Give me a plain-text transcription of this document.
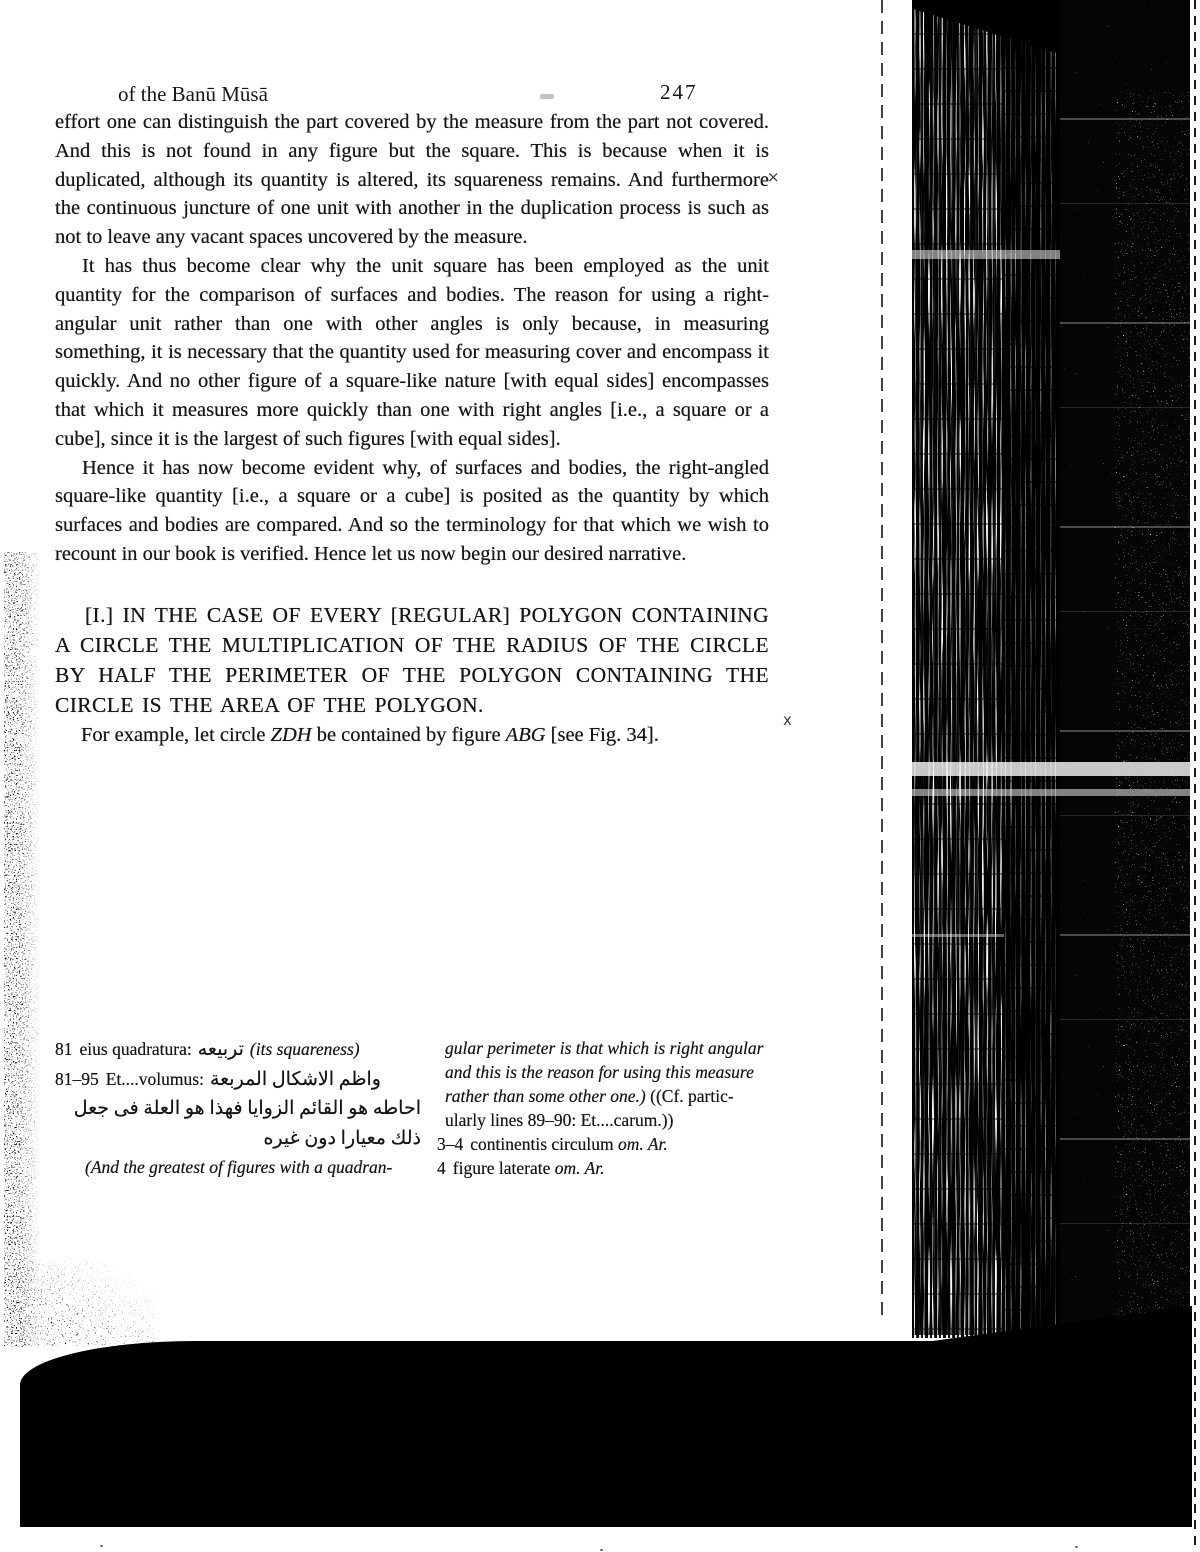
of the Banū Mūsā	247

effort one can distinguish the part covered by the measure from the part not covered. And this is not found in any figure but the square. This is because when it is duplicated, although its quantity is altered, its squareness remains. And furthermore the continuous juncture of one unit with another in the duplication process is such as not to leave any vacant spaces uncovered by the measure.

It has thus become clear why the unit square has been employed as the unit quantity for the comparison of surfaces and bodies. The reason for using a right-angular unit rather than one with other angles is only because, in measuring something, it is necessary that the quantity used for measuring cover and encompass it quickly. And no other figure of a square-like nature [with equal sides] encompasses that which it measures more quickly than one with right angles [i.e., a square or a cube], since it is the largest of such figures [with equal sides].

Hence it has now become evident why, of surfaces and bodies, the right-angled square-like quantity [i.e., a square or a cube] is posited as the quantity by which surfaces and bodies are compared. And so the terminology for that which we wish to recount in our book is verified. Hence let us now begin our desired narrative.

[I.] IN THE CASE OF EVERY [REGULAR] POLYGON CONTAINING A CIRCLE THE MULTIPLICATION OF THE RADIUS OF THE CIRCLE BY HALF THE PERIMETER OF THE POLYGON CONTAINING THE CIRCLE IS THE AREA OF THE POLYGON.

For example, let circle ZDH be contained by figure ABG [see Fig. 34].

×
x
81 eius quadratura: تربيعه (its squareness)
81–95 Et....volumus: واظم الاشكال المربعة
احاطه هو القائم الزوايا فهذا هو العلة فى جعل
ذلك معيارا دون غيره
(And the greatest of figures with a quadran-
gular perimeter is that which is right angular
and this is the reason for using this measure
rather than some other one.) ((Cf. partic-
ularly lines 89–90: Et....carum.))
3–4 continentis circulum om. Ar.
4 figure laterate om. Ar.
